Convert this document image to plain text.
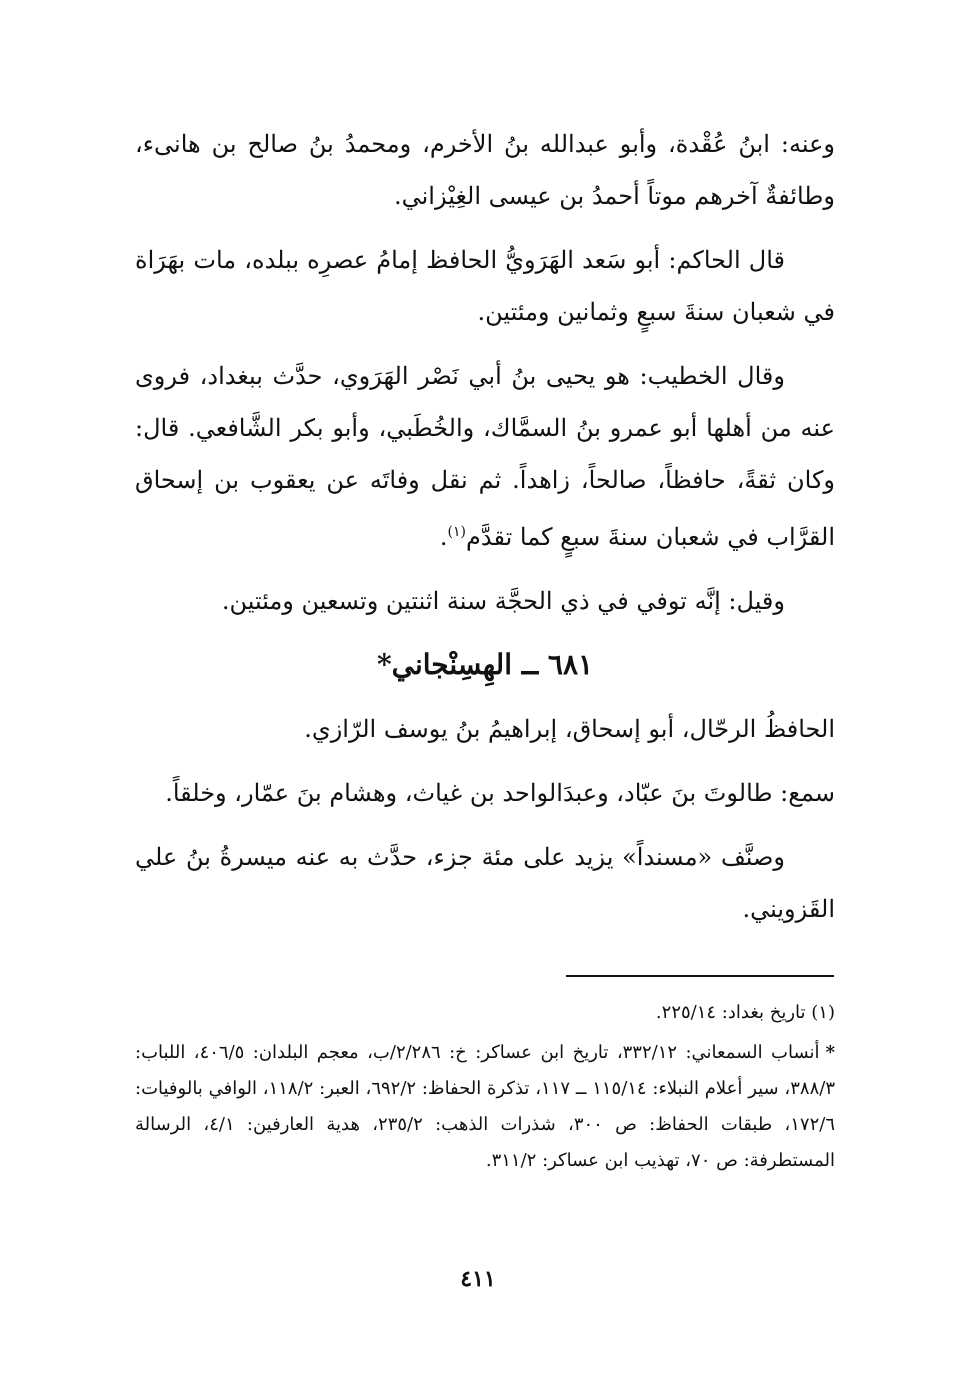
وعنه: ابنُ عُقْدة، وأبو عبدالله بنُ الأخرم، ومحمدُ بنُ صالح بن هانىء، وطائفةٌ آخرهم موتاً أحمدُ بن عيسى الغِيْزاني.

قال الحاكم: أبو سَعد الهَرَويُّ الحافظ إمامُ عصرِه ببلده، مات بهَرَاة في شعبان سنةَ سبعٍ وثمانين ومئتين.

وقال الخطيب: هو يحيى بنُ أبي نَصْر الهَرَوي، حدَّث ببغداد، فروى عنه من أهلها أبو عمرو بنُ السمَّاك، والخُطَبي، وأبو بكر الشَّافعي. قال: وكان ثقةً، حافظاً، صالحاً، زاهداً. ثم نقل وفاتَه عن يعقوب بن إسحاق القرَّاب في شعبان سنةَ سبعٍ كما تقدَّم$^{(١)}$.

وقيل: إنَّه توفي في ذي الحجَّة سنة اثنتين وتسعين ومئتين.

٦٨١ ــ الهِسِنْجاني*

الحافظُ الرحّال، أبو إسحاق، إبراهيمُ بنُ يوسف الرّازي.

سمع: طالوتَ بنَ عبّاد، وعبدَالواحد بن غياث، وهشام بنَ عمّار، وخلقاً.

وصنَّف «مسنداً» يزيد على مئة جزء، حدَّث به عنه ميسرةُ بنُ علي القَزويني.

(١) تاريخ بغداد: ٢٢٥/١٤.

*أنساب السمعاني: ٣٣٢/١٢، تاريخ ابن عساكر: خ: ٢/٢٨٦/ب، معجم البلدان: ٤٠٦/٥، اللباب: ٣٨٨/٣، سير أعلام النبلاء: ١١٥/١٤ ــ ١١٧، تذكرة الحفاظ: ٦٩٢/٢، العبر: ١١٨/٢، الوافي بالوفيات: ١٧٢/٦، طبقات الحفاظ: ص ٣٠٠، شذرات الذهب: ٢٣٥/٢، هدية العارفين: ٤/١، الرسالة المستطرفة: ص ٧٠، تهذيب ابن عساكر: ٣١١/٢.

٤١١
